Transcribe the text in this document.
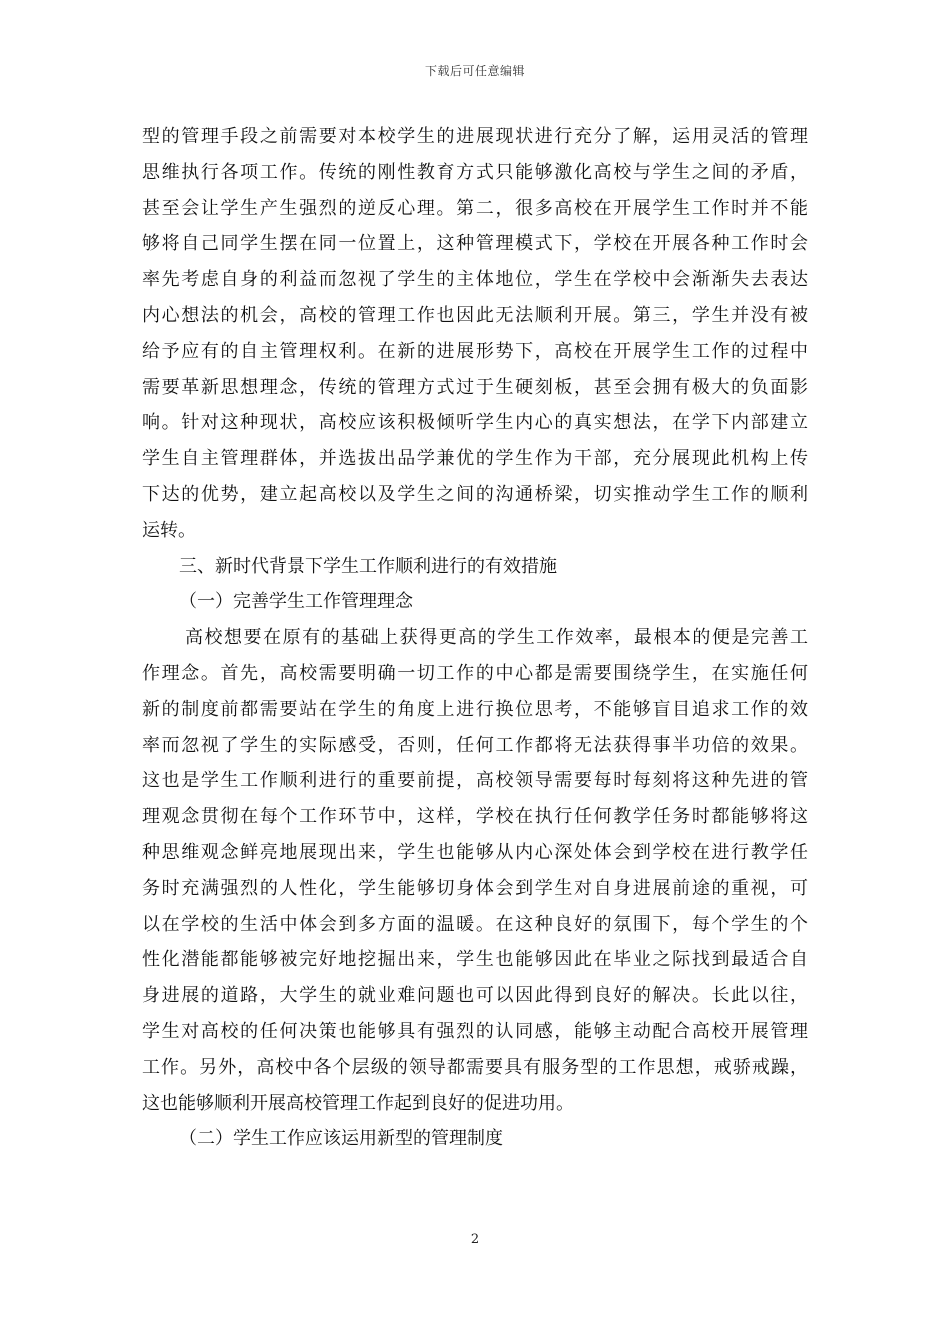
下载后可任意编辑
型的管理手段之前需要对本校学生的进展现状进行充分了解，运用灵活的管理
思维执行各项工作。传统的刚性教育方式只能够激化高校与学生之间的矛盾，
甚至会让学生产生强烈的逆反心理。第二，很多高校在开展学生工作时并不能
够将自己同学生摆在同一位置上，这种管理模式下，学校在开展各种工作时会
率先考虑自身的利益而忽视了学生的主体地位，学生在学校中会渐渐失去表达
内心想法的机会，高校的管理工作也因此无法顺利开展。第三，学生并没有被
给予应有的自主管理权利。在新的进展形势下，高校在开展学生工作的过程中
需要革新思想理念，传统的管理方式过于生硬刻板，甚至会拥有极大的负面影
响。针对这种现状，高校应该积极倾听学生内心的真实想法，在学下内部建立
学生自主管理群体，并选拔出品学兼优的学生作为干部，充分展现此机构上传
下达的优势，建立起高校以及学生之间的沟通桥梁，切实推动学生工作的顺利
运转。
三、新时代背景下学生工作顺利进行的有效措施
（一）完善学生工作管理理念
高校想要在原有的基础上获得更高的学生工作效率，最根本的便是完善工
作理念。首先，高校需要明确一切工作的中心都是需要围绕学生，在实施任何
新的制度前都需要站在学生的角度上进行换位思考，不能够盲目追求工作的效
率而忽视了学生的实际感受，否则，任何工作都将无法获得事半功倍的效果。
这也是学生工作顺利进行的重要前提，高校领导需要每时每刻将这种先进的管
理观念贯彻在每个工作环节中，这样，学校在执行任何教学任务时都能够将这
种思维观念鲜亮地展现出来，学生也能够从内心深处体会到学校在进行教学任
务时充满强烈的人性化，学生能够切身体会到学生对自身进展前途的重视，可
以在学校的生活中体会到多方面的温暖。在这种良好的氛围下，每个学生的个
性化潜能都能够被完好地挖掘出来，学生也能够因此在毕业之际找到最适合自
身进展的道路，大学生的就业难问题也可以因此得到良好的解决。长此以往，
学生对高校的任何决策也能够具有强烈的认同感，能够主动配合高校开展管理
工作。另外，高校中各个层级的领导都需要具有服务型的工作思想，戒骄戒躁，
这也能够顺利开展高校管理工作起到良好的促进功用。
（二）学生工作应该运用新型的管理制度
2
